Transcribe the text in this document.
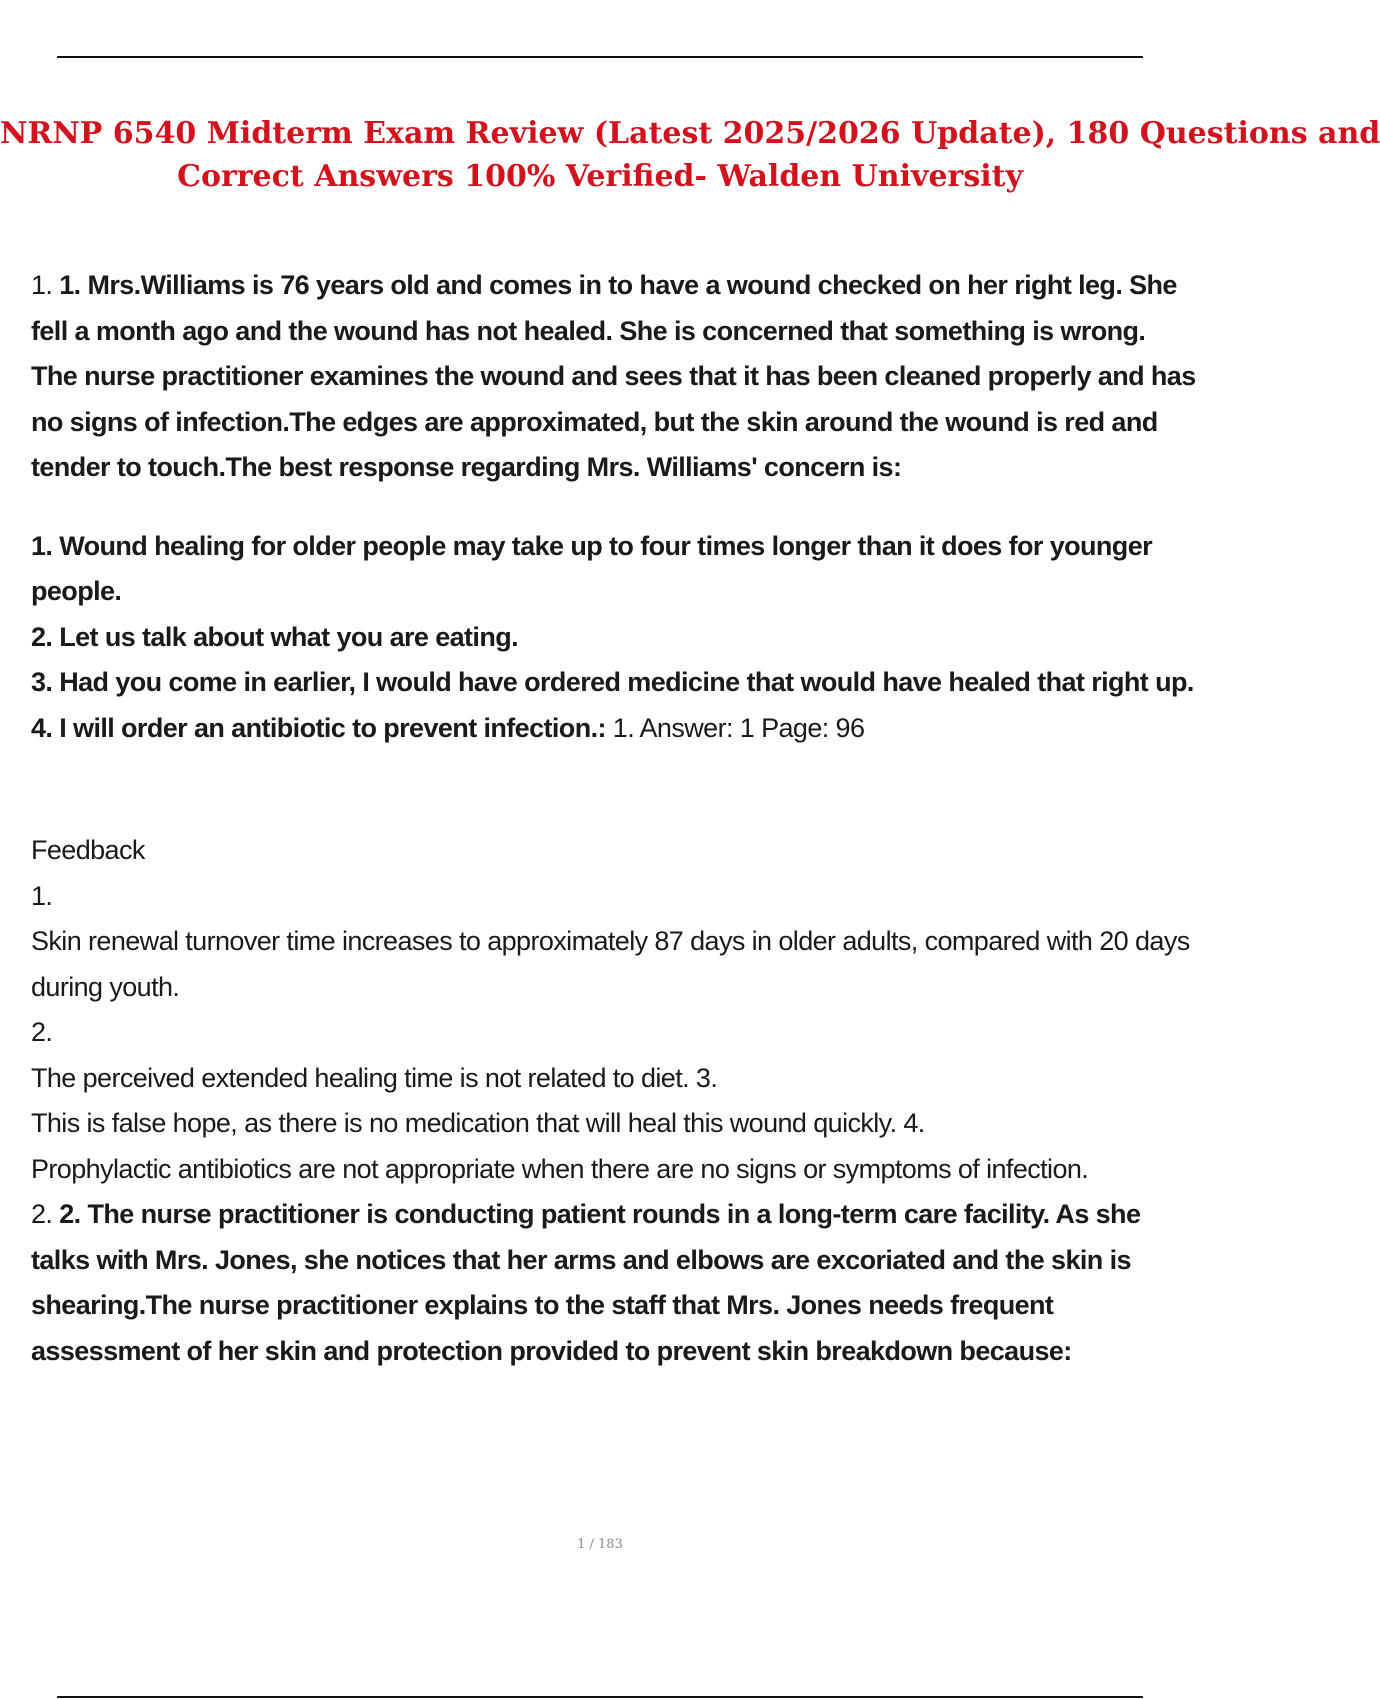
NRNP 6540 Midterm Exam Review (Latest 2025/2026 Update), 180 Questions and
Correct Answers 100% Verified- Walden University

1. 1. Mrs.Williams is 76 years old and comes in to have a wound checked on her right leg. She fell a month ago and the wound has not healed. She is concerned that something is wrong. The nurse practitioner examines the wound and sees that it has been cleaned properly and has no signs of infection.The edges are approximated, but the skin around the wound is red and tender to touch.The best response regarding Mrs. Williams' concern is:

1. Wound healing for older people may take up to four times longer than it does for younger people.

2. Let us talk about what you are eating.

3. Had you come in earlier, I would have ordered medicine that would have healed that right up.

4. I will order an antibiotic to prevent infection.: 1. Answer: 1 Page: 96

Feedback

1.

Skin renewal turnover time increases to approximately 87 days in older adults, compared with 20 days during youth.

2.

The perceived extended healing time is not related to diet. 3.

This is false hope, as there is no medication that will heal this wound quickly. 4.

Prophylactic antibiotics are not appropriate when there are no signs or symptoms of infection.

2. 2. The nurse practitioner is conducting patient rounds in a long-term care facility. As she talks with Mrs. Jones, she notices that her arms and elbows are excoriated and the skin is shearing.The nurse practitioner explains to the staff that Mrs. Jones needs frequent assessment of her skin and protection provided to prevent skin breakdown because:

1 / 183
